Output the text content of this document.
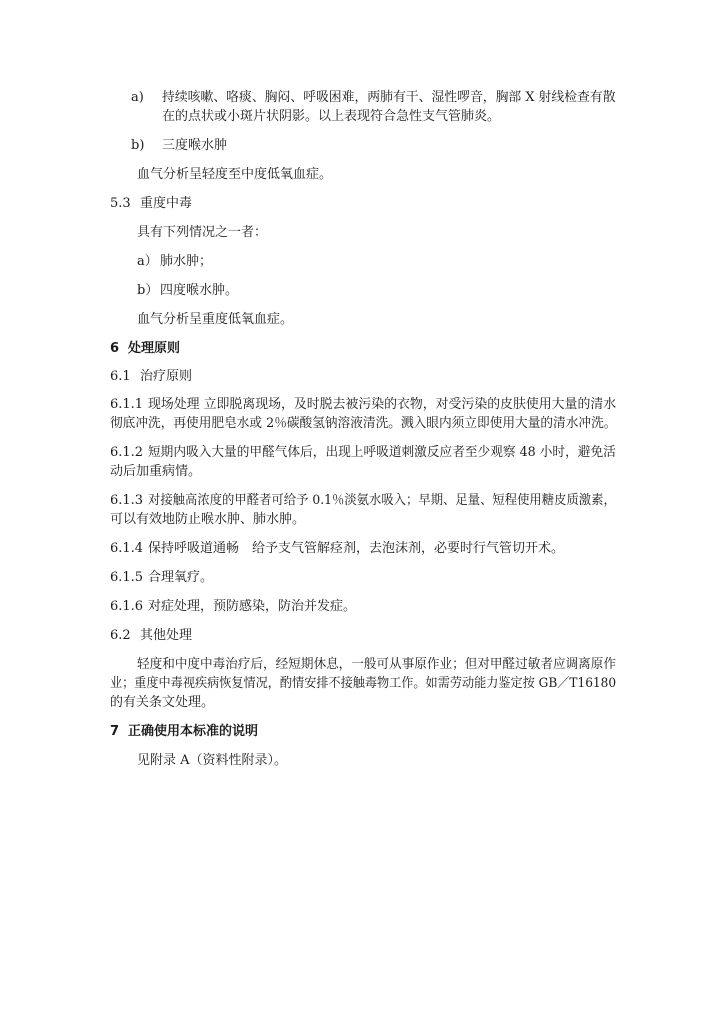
a) 持续咳嗽、咯痰、胸闷、呼吸困难，两肺有干、湿性啰音，胸部 X 射线检查有散
在的点状或小斑片状阴影。以上表现符合急性支气管肺炎。
b) 三度喉水肿
血气分析呈轻度至中度低氧血症。
5.3 重度中毒
具有下列情况之一者：
a） 肺水肿；
b） 四度喉水肿。
血气分析呈重度低氧血症。
6 处理原则
6.1 治疗原则
6.1.1 现场处理 立即脱离现场，及时脱去被污染的衣物，对受污染的皮肤使用大量的清水
彻底冲洗，再使用肥皂水或 2％碳酸氢钠溶液清洗。溅入眼内须立即使用大量的清水冲洗。
6.1.2 短期内吸入大量的甲醛气体后，出现上呼吸道刺激反应者至少观察 48 小时，避免活
动后加重病情。
6.1.3 对接触高浓度的甲醛者可给予 0.1％淡氨水吸入；早期、足量、短程使用糖皮质激素，
可以有效地防止喉水肿、肺水肿。
6.1.4 保持呼吸道通畅　给予支气管解痉剂，去泡沫剂，必要时行气管切开术。
6.1.5 合理氧疗。
6.1.6 对症处理，预防感染，防治并发症。
6.2 其他处理
轻度和中度中毒治疗后，经短期休息，一般可从事原作业；但对甲醛过敏者应调离原作
业；重度中毒视疾病恢复情况，酌情安排不接触毒物工作。如需劳动能力鉴定按 GB／T16180
的有关条文处理。
7 正确使用本标准的说明
见附录 A（资料性附录）。
